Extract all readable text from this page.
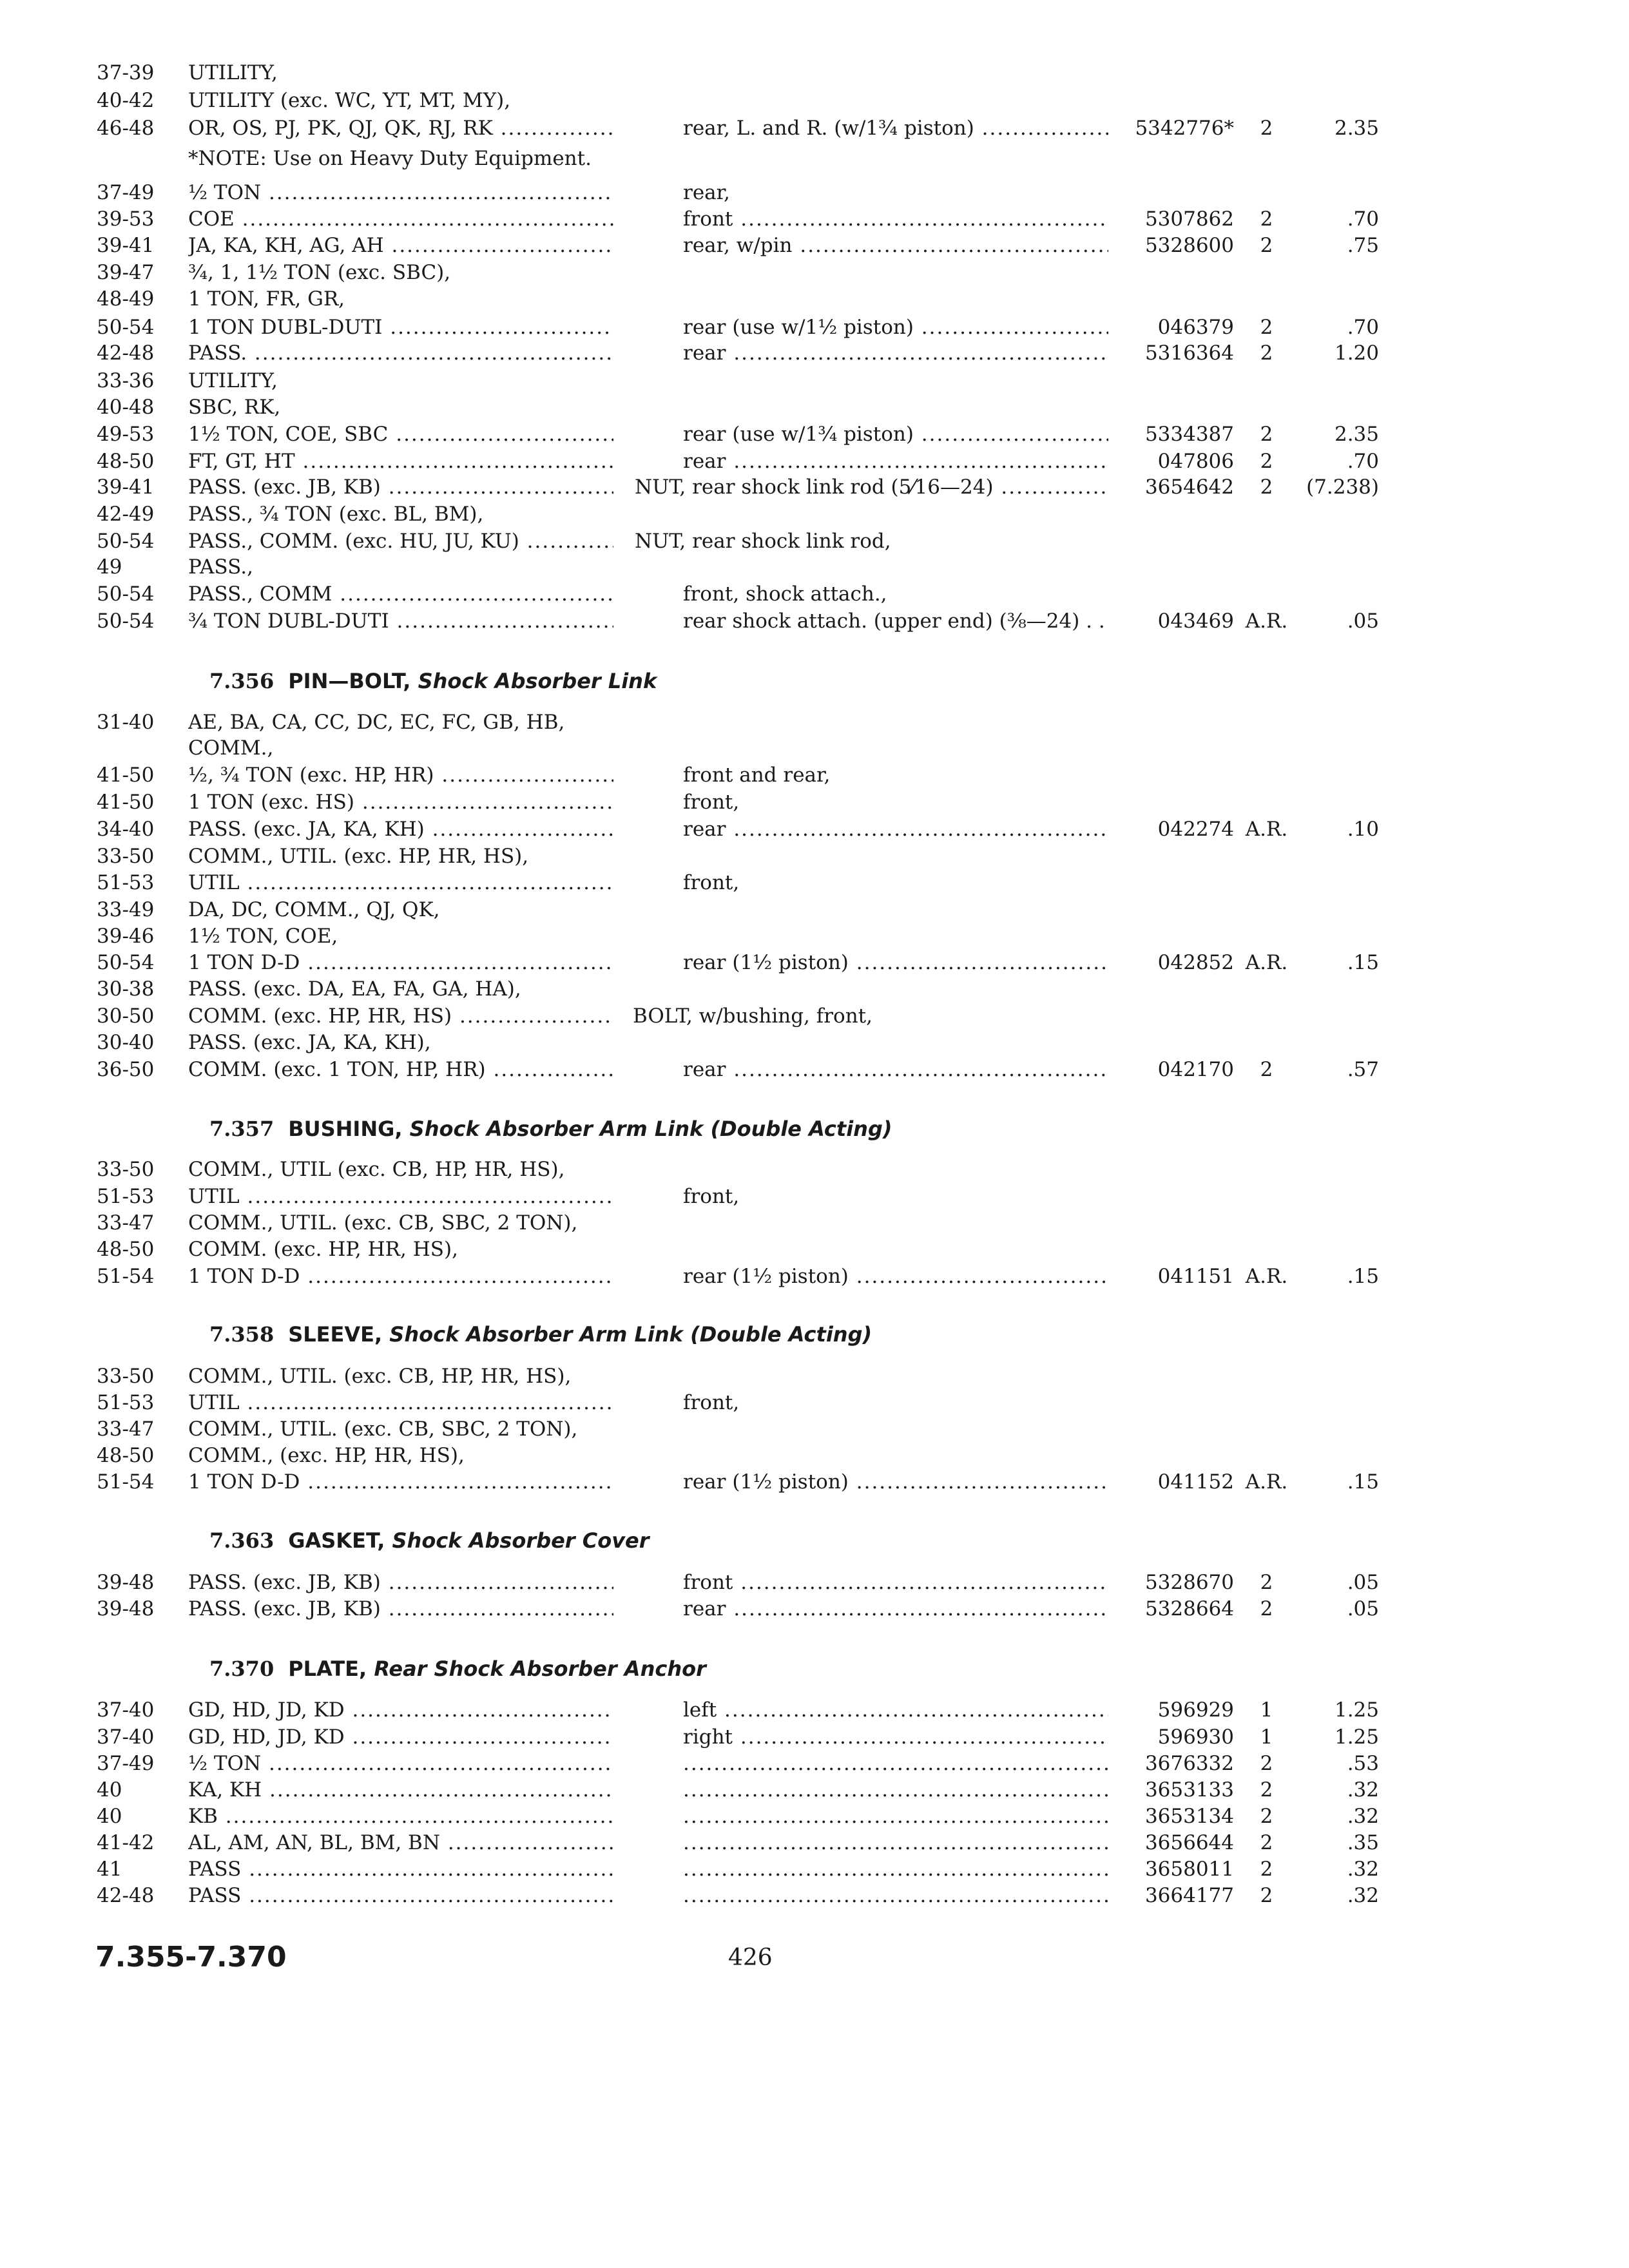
37-39	UTILITY,
40-42	UTILITY (exc. WC, YT, MT, MY),
46-48	OR, OS, PJ, PK, QJ, QK, RJ, RK .....	rear, L. and R. (w/1¾ piston) .....	5342776*	2	2.35
*NOTE: Use on Heavy Duty Equipment.
37-49	½ TON .....	rear,
39-53	COE .....	front .....	5307862	2	.70
39-41	JA, KA, KH, AG, AH .....	rear, w/pin .....	5328600	2	.75
39-47	¾, 1, 1½ TON (exc. SBC),
48-49	1 TON, FR, GR,
50-54	1 TON DUBL-DUTI .....	rear (use w/1½ piston) .....	046379	2	.70
42-48	PASS. .....	rear .....	5316364	2	1.20
33-36	UTILITY,
40-48	SBC, RK,
49-53	1½ TON, COE, SBC .....	rear (use w/1¾ piston) .....	5334387	2	2.35
48-50	FT, GT, HT .....	rear .....	047806	2	.70
39-41	PASS. (exc. JB, KB) .....	NUT, rear shock link rod (5⁄16—24) .....	3654642	2	(7.238)
42-49	PASS., ¾ TON (exc. BL, BM),
50-54	PASS., COMM. (exc. HU, JU, KU) .....	NUT, rear shock link rod,
49	PASS.,
50-54	PASS., COMM .....	front, shock attach.,
50-54	¾ TON DUBL-DUTI .....	rear shock attach. (upper end) (⅜—24) . .	043469 A.R.	.05
7.356 PIN—BOLT, Shock Absorber Link
31-40	AE, BA, CA, CC, DC, EC, FC, GB, HB,
COMM.,
41-50	½, ¾ TON (exc. HP, HR) .....	front and rear,
41-50	1 TON (exc. HS) .....	front,
34-40	PASS. (exc. JA, KA, KH) .....	rear .....	042274 A.R.	.10
33-50	COMM., UTIL. (exc. HP, HR, HS),
51-53	UTIL .....	front,
33-49	DA, DC, COMM., QJ, QK,
39-46	1½ TON, COE,
50-54	1 TON D-D .....	rear (1½ piston) .....	042852 A.R.	.15
30-38	PASS. (exc. DA, EA, FA, GA, HA),
30-50	COMM. (exc. HP, HR, HS) .....	BOLT, w/bushing, front,
30-40	PASS. (exc. JA, KA, KH),
36-50	COMM. (exc. 1 TON, HP, HR) .....	rear .....	042170	2	.57
7.357 BUSHING, Shock Absorber Arm Link (Double Acting)
33-50	COMM., UTIL (exc. CB, HP, HR, HS),
51-53	UTIL .....	front,
33-47	COMM., UTIL. (exc. CB, SBC, 2 TON),
48-50	COMM. (exc. HP, HR, HS),
51-54	1 TON D-D .....	rear (1½ piston) .....	041151 A.R.	.15
7.358 SLEEVE, Shock Absorber Arm Link (Double Acting)
33-50	COMM., UTIL. (exc. CB, HP, HR, HS),
51-53	UTIL .....	front,
33-47	COMM., UTIL. (exc. CB, SBC, 2 TON),
48-50	COMM., (exc. HP, HR, HS),
51-54	1 TON D-D .....	rear (1½ piston) .....	041152 A.R.	.15
7.363 GASKET, Shock Absorber Cover
39-48	PASS. (exc. JB, KB) .....	front .....	5328670	2	.05
39-48	PASS. (exc. JB, KB) .....	rear .....	5328664	2	.05
7.370 PLATE, Rear Shock Absorber Anchor
37-40	GD, HD, JD, KD .....	left .....	596929	1	1.25
37-40	GD, HD, JD, KD .....	right .....	596930	1	1.25
37-49	½ TON ..... .....	3676332	2	.53
40	KA, KH ..... .....	3653133	2	.32
40	KB ..... .....	3653134	2	.32
41-42	AL, AM, AN, BL, BM, BN ..... .....	3656644	2	.35
41	PASS ..... .....	3658011	2	.32
42-48	PASS ..... .....	3664177	2	.32
7.355-7.370	426
